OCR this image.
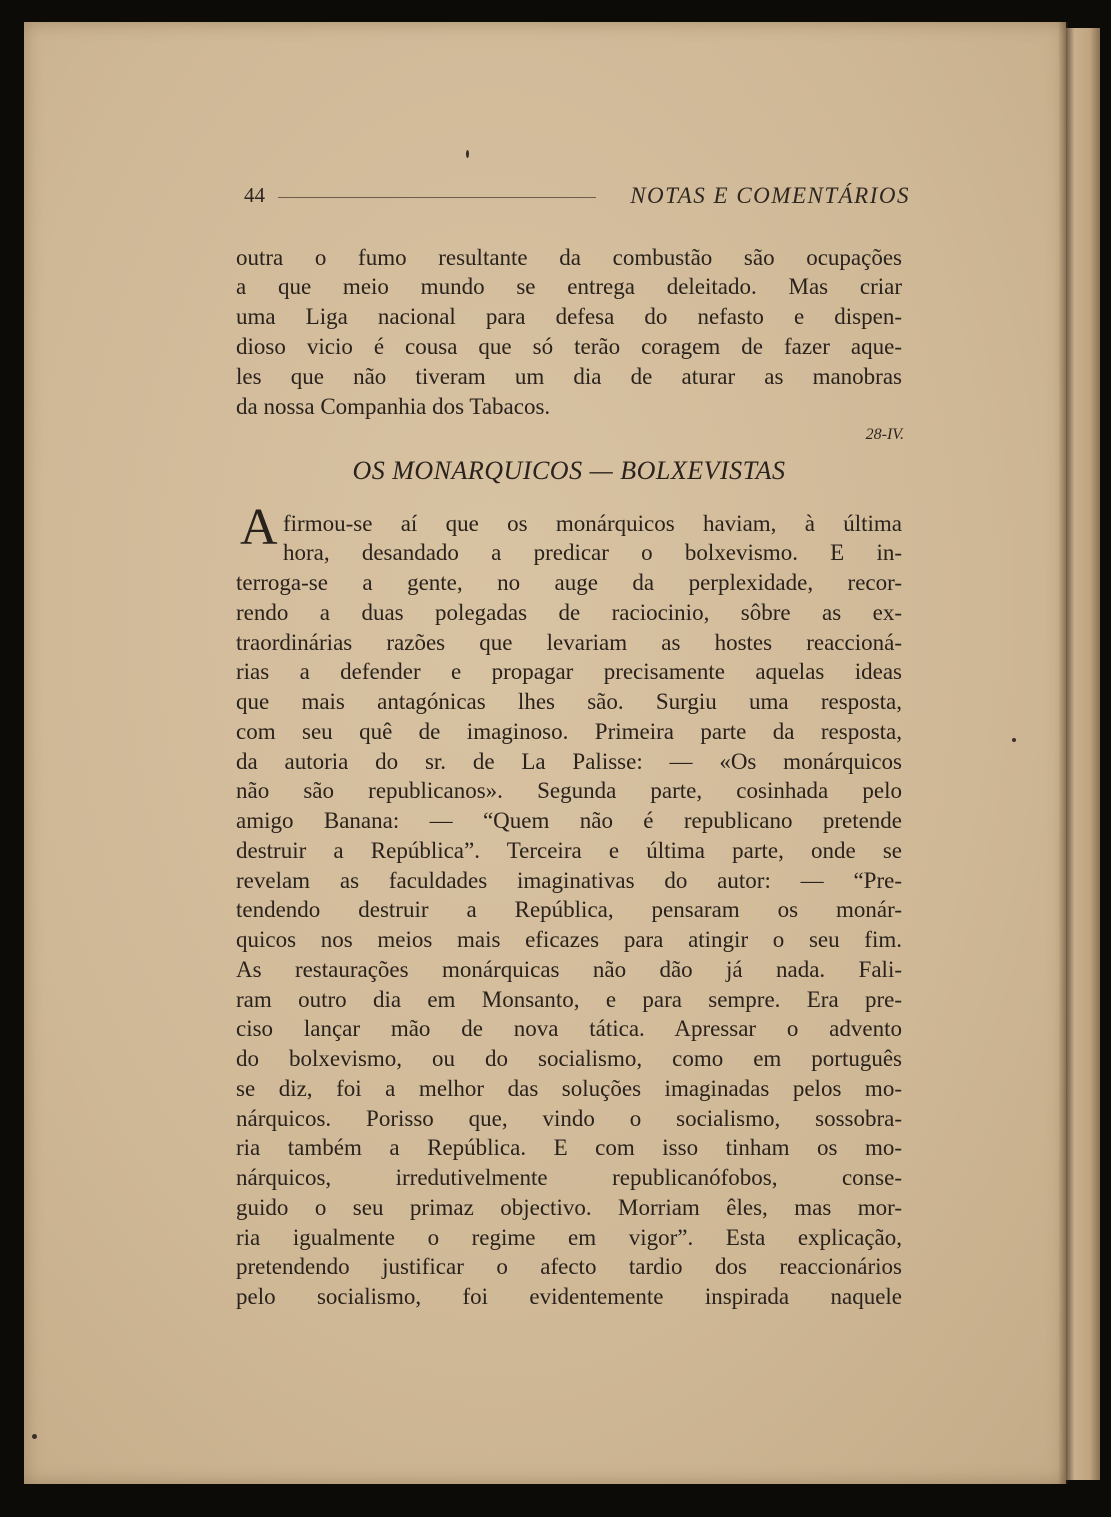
44	NOTAS E COMENTÁRIOS
outra o fumo resultante da combustão são ocupações
a que meio mundo se entrega deleitado. Mas criar
uma Liga nacional para defesa do nefasto e dispen-
dioso vicio é cousa que só terão coragem de fazer aque-
les que não tiveram um dia de aturar as manobras
da nossa Companhia dos Tabacos.
28-IV.
OS MONARQUICOS — BOLXEVISTAS
A firmou-se aí que os monárquicos haviam, à última
hora, desandado a predicar o bolxevismo. E in-
terroga-se a gente, no auge da perplexidade, recor-
rendo a duas polegadas de raciocinio, sôbre as ex-
traordinárias razões que levariam as hostes reaccioná-
rias a defender e propagar precisamente aquelas ideas
que mais antagónicas lhes são. Surgiu uma resposta,
com seu quê de imaginoso. Primeira parte da resposta,
da autoria do sr. de La Palisse: — «Os monárquicos
não são republicanos». Segunda parte, cosinhada pelo
amigo Banana: — “Quem não é republicano pretende
destruir a República”. Terceira e última parte, onde se
revelam as faculdades imaginativas do autor: — “Pre-
tendendo destruir a República, pensaram os monár-
quicos nos meios mais eficazes para atingir o seu fim.
As restaurações monárquicas não dão já nada. Fali-
ram outro dia em Monsanto, e para sempre. Era pre-
ciso lançar mão de nova tática. Apressar o advento
do bolxevismo, ou do socialismo, como em português
se diz, foi a melhor das soluções imaginadas pelos mo-
nárquicos. Porisso que, vindo o socialismo, sossobra-
ria também a República. E com isso tinham os mo-
nárquicos, irredutivelmente republicanófobos, conse-
guido o seu primaz objectivo. Morriam êles, mas mor-
ria igualmente o regime em vigor”. Esta explicação,
pretendendo justificar o afecto tardio dos reaccionários
pelo socialismo, foi evidentemente inspirada naquele
